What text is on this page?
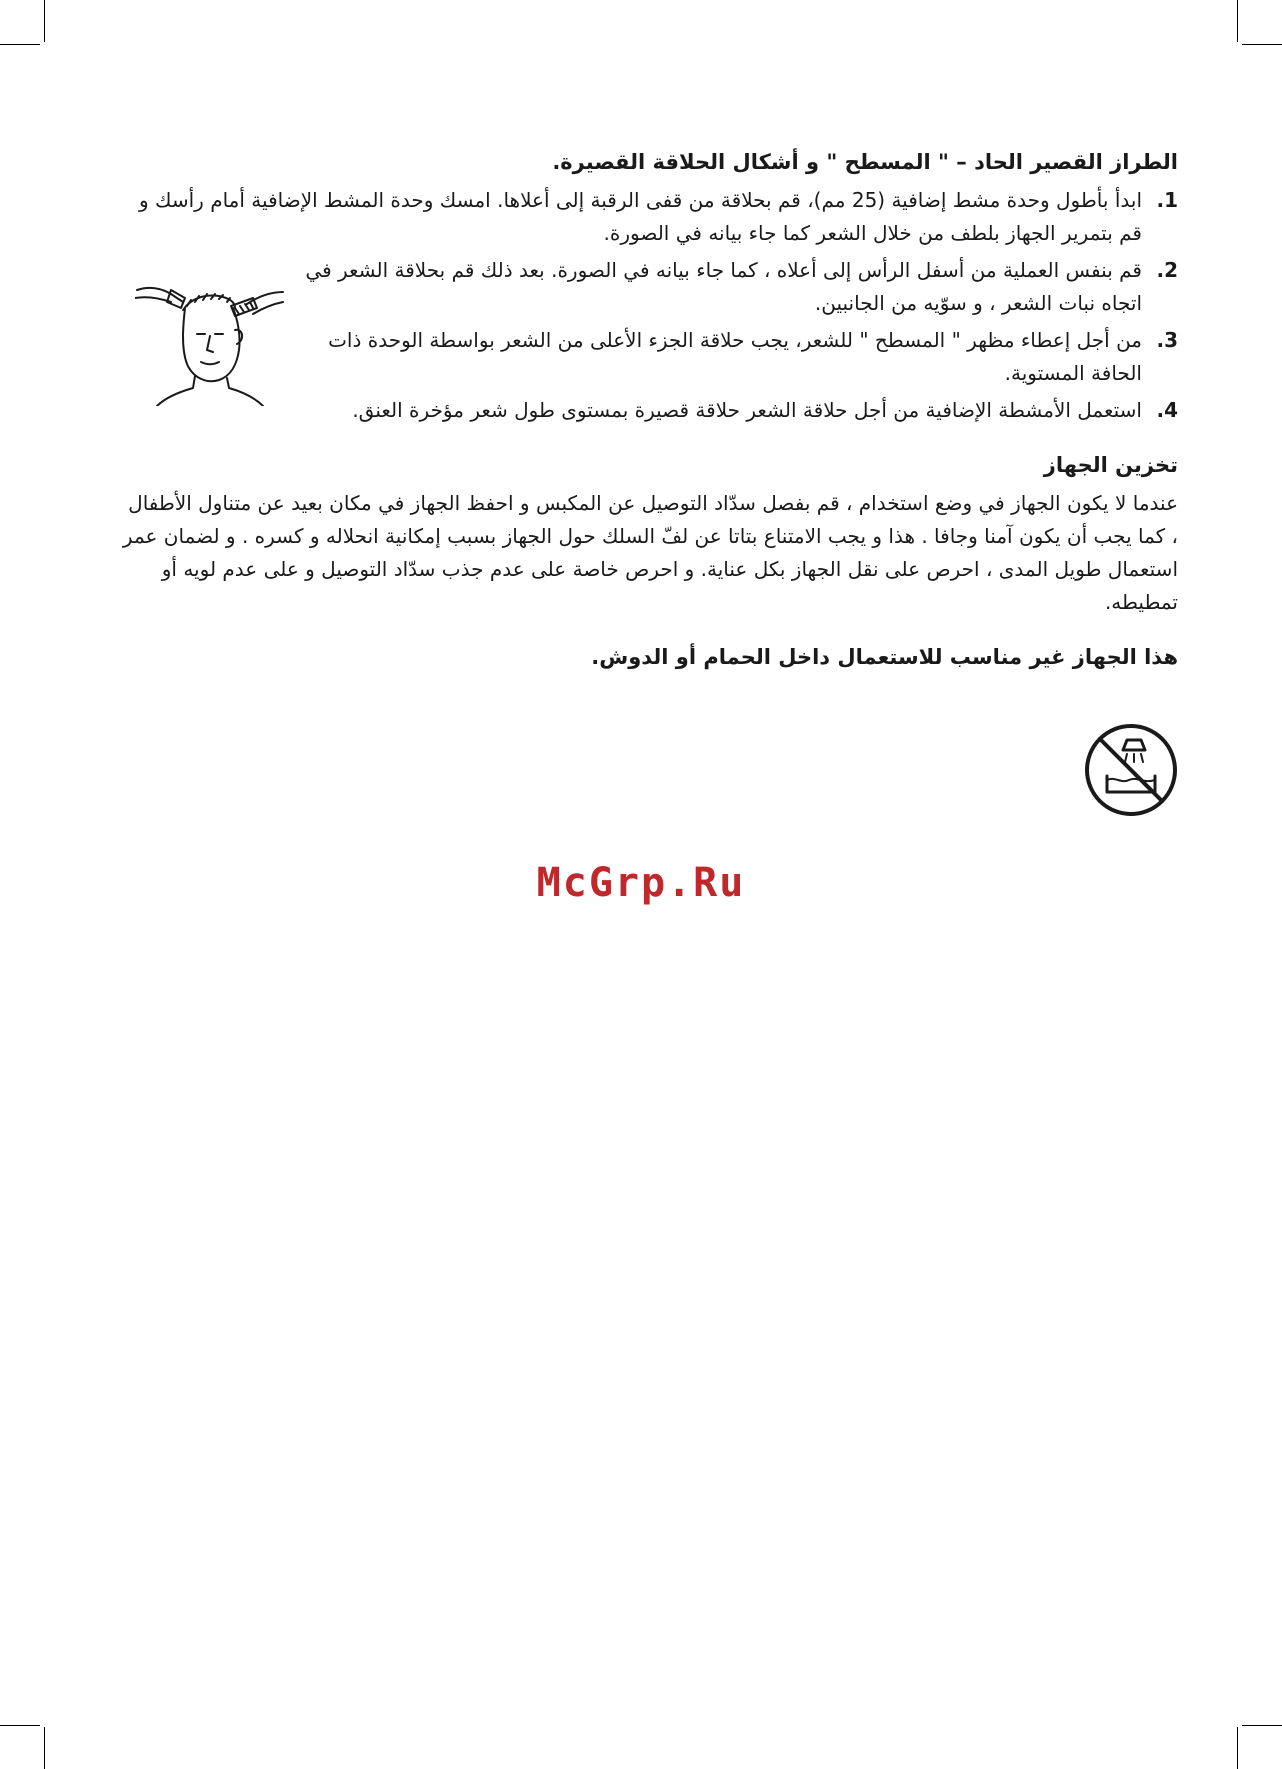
الطراز القصير الحاد – " المسطح " و أشكال الحلاقة القصيرة.
1.
ابدأ بأطول وحدة مشط إضافية (25 مم)، قم بحلاقة من قفى الرقبة إلى أعلاها. امسك وحدة المشط الإضافية أمام رأسك و قم بتمرير الجهاز بلطف من خلال الشعر كما جاء بيانه في الصورة.
2.
قم بنفس العملية من أسفل الرأس إلى أعلاه ، كما جاء بيانه في الصورة. بعد ذلك قم بحلاقة الشعر في اتجاه نبات الشعر ، و سوّيه من الجانبين.
3.
من أجل إعطاء مظهر " المسطح " للشعر، يجب حلاقة الجزء الأعلى من الشعر بواسطة الوحدة ذات الحافة المستوية.
4.
استعمل الأمشطة الإضافية من أجل حلاقة الشعر حلاقة قصيرة بمستوى طول شعر مؤخرة العنق.
تخزين الجهاز

عندما لا يكون الجهاز في وضع استخدام ، قم بفصل سدّاد التوصيل عن المكبس و احفظ الجهاز في مكان بعيد عن متناول الأطفال ، كما يجب أن يكون آمنا وجافا . هذا و يجب الامتناع بتاتا عن لفّ السلك حول الجهاز بسبب إمكانية انحلاله و كسره . و لضمان عمر استعمال طويل المدى ، احرص على نقل الجهاز بكل عناية. و احرص خاصة على عدم جذب سدّاد التوصيل و على عدم لويه أو تمطيطه.

هذا الجهاز غير مناسب للاستعمال داخل الحمام أو الدوش.
McGrp.Ru
